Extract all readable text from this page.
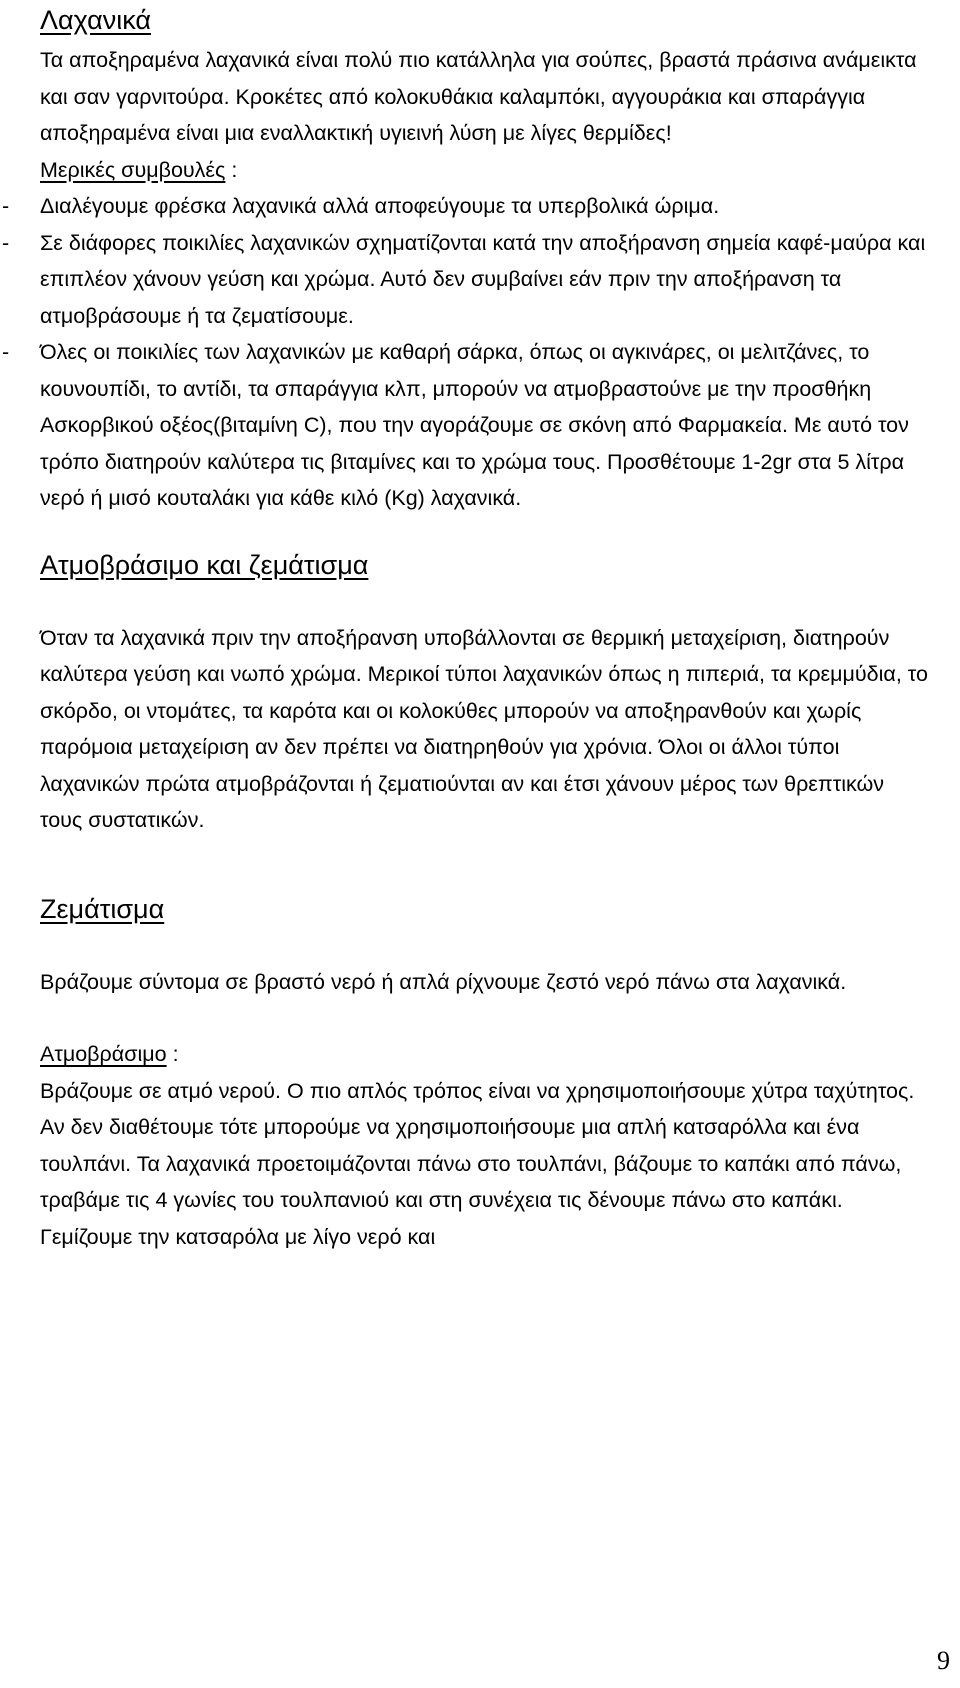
Λαχανικά

Τα αποξηραμένα λαχανικά είναι πολύ πιο κατάλληλα για σούπες, βραστά πράσινα ανάμεικτα και σαν γαρνιτούρα. Κροκέτες από κολοκυθάκια καλαμπόκι, αγγουράκια και σπαράγγια αποξηραμένα είναι μια εναλλακτική υγιεινή λύση με λίγες θερμίδες!

Μερικές συμβουλές :

- Διαλέγουμε φρέσκα λαχανικά αλλά αποφεύγουμε τα υπερβολικά ώριμα.

- Σε διάφορες ποικιλίες λαχανικών σχηματίζονται κατά την αποξήρανση σημεία καφέ-μαύρα και επιπλέον χάνουν γεύση και χρώμα. Αυτό δεν συμβαίνει εάν πριν την αποξήρανση τα ατμοβράσουμε ή τα ζεματίσουμε.

- Όλες οι ποικιλίες των λαχανικών με καθαρή σάρκα, όπως οι αγκινάρες, οι μελιτζάνες, το κουνουπίδι, το αντίδι, τα σπαράγγια κλπ, μπορούν να ατμοβραστούνε με την προσθήκη Ασκορβικού οξέος(βιταμίνη C), που την αγοράζουμε σε σκόνη από Φαρμακεία. Με αυτό τον τρόπο διατηρούν καλύτερα τις βιταμίνες και το χρώμα τους. Προσθέτουμε 1-2gr στα 5 λίτρα νερό ή μισό κουταλάκι για κάθε κιλό (Kg) λαχανικά.

Ατμοβράσιμο και ζεμάτισμα

Όταν τα λαχανικά πριν την αποξήρανση υποβάλλονται σε θερμική μεταχείριση, διατηρούν καλύτερα γεύση και νωπό χρώμα. Μερικοί τύποι λαχανικών όπως η πιπεριά, τα κρεμμύδια, το σκόρδο, οι ντομάτες, τα καρότα και οι κολοκύθες μπορούν να αποξηρανθούν και χωρίς παρόμοια μεταχείριση αν δεν πρέπει να διατηρηθούν για χρόνια. Όλοι οι άλλοι τύποι λαχανικών πρώτα ατμοβράζονται ή ζεματιούνται αν και έτσι χάνουν μέρος των θρεπτικών τους συστατικών.

Ζεμάτισμα

Βράζουμε σύντομα σε βραστό νερό ή απλά ρίχνουμε ζεστό νερό πάνω στα λαχανικά.

Ατμοβράσιμο :

Βράζουμε σε ατμό νερού. Ο πιο απλός τρόπος είναι να χρησιμοποιήσουμε χύτρα ταχύτητος. Αν δεν διαθέτουμε τότε μπορούμε να χρησιμοποιήσουμε μια απλή κατσαρόλλα και ένα τουλπάνι. Τα λαχανικά προετοιμάζονται πάνω στο τουλπάνι, βάζουμε το καπάκι από πάνω, τραβάμε τις 4 γωνίες του τουλπανιού και στη συνέχεια τις δένουμε πάνω στο καπάκι. Γεμίζουμε την κατσαρόλα με λίγο νερό και

9
